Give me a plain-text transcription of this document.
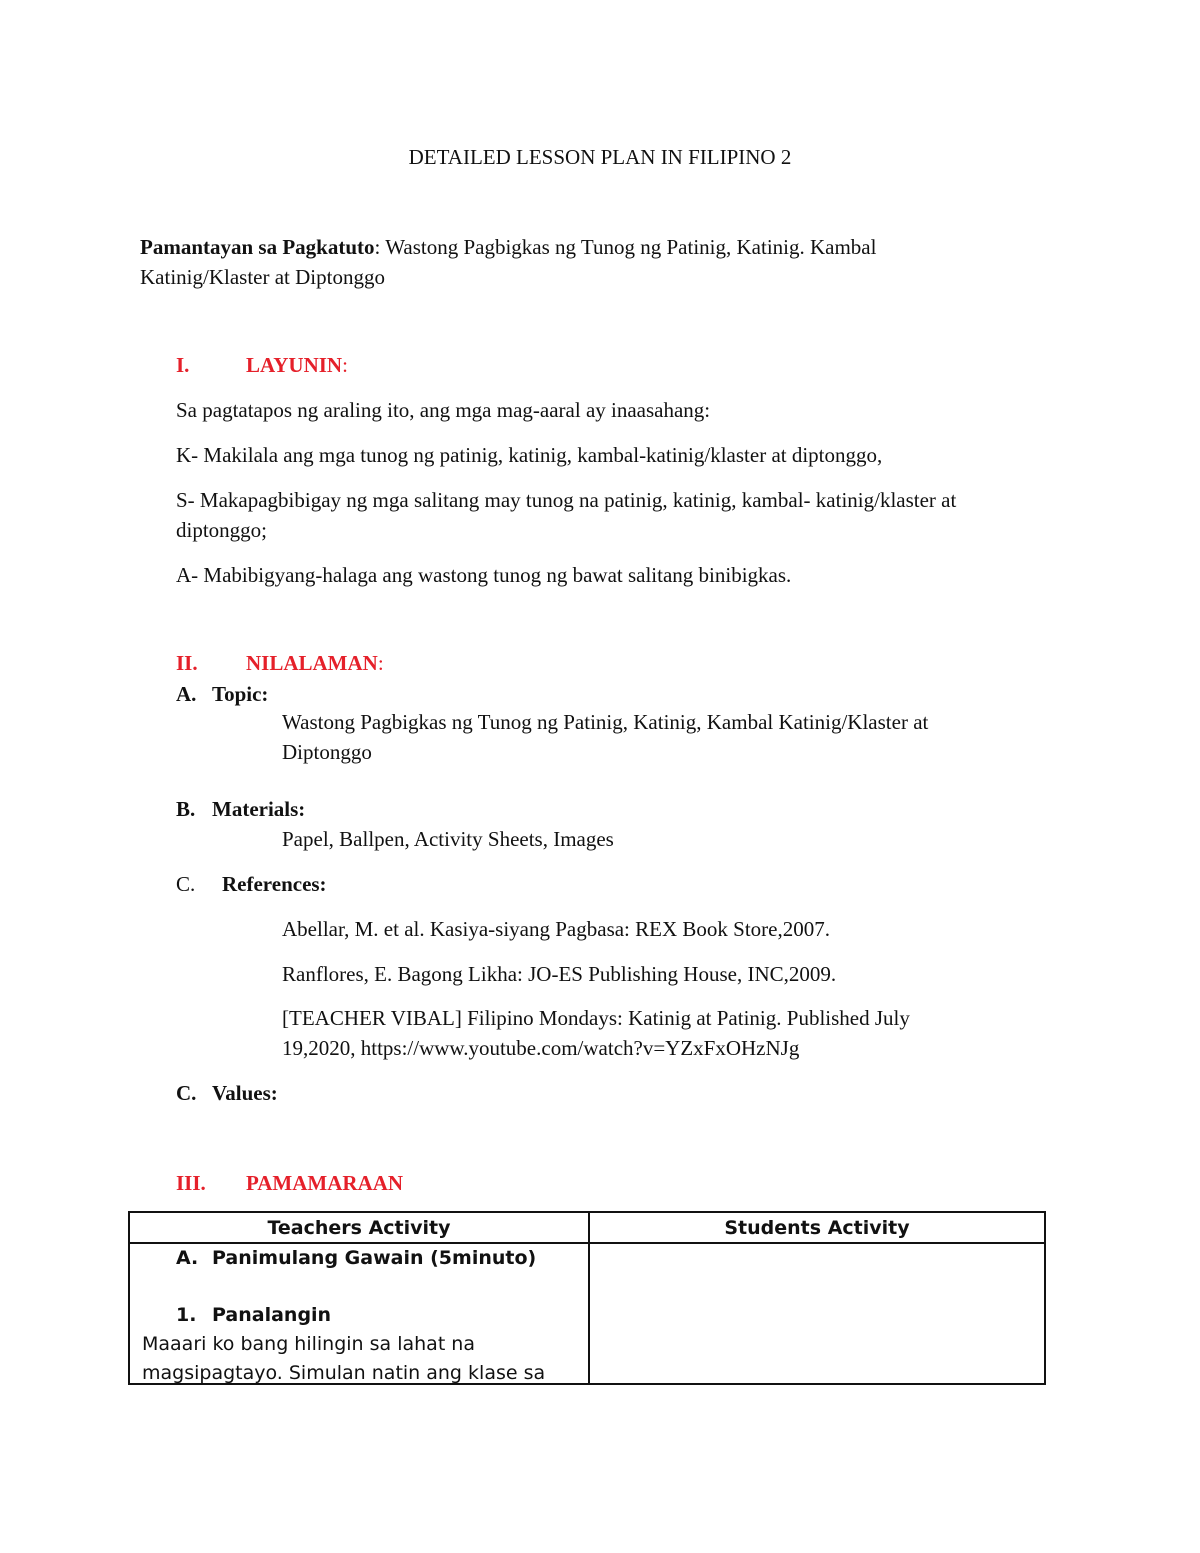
DETAILED LESSON PLAN IN FILIPINO 2
Pamantayan sa Pagkatuto: Wastong Pagbigkas ng Tunog ng Patinig, Katinig. Kambal
Katinig/Klaster at Diptonggo
I.	LAYUNIN:
Sa pagtatapos ng araling ito, ang mga mag-aaral ay inaasahang:
K- Makilala ang mga tunog ng patinig, katinig, kambal-katinig/klaster at diptonggo,
S- Makapagbibigay ng mga salitang may tunog na patinig, katinig, kambal- katinig/klaster at
diptonggo;
A- Mabibigyang-halaga ang wastong tunog ng bawat salitang binibigkas.
II. NILALAMAN:
A. Topic:
Wastong Pagbigkas ng Tunog ng Patinig, Katinig, Kambal Katinig/Klaster at
Diptonggo
B. Materials:
Papel, Ballpen, Activity Sheets, Images
C. References:
Abellar, M. et al. Kasiya-siyang Pagbasa: REX Book Store,2007.
Ranflores, E. Bagong Likha: JO-ES Publishing House, INC,2009.
[TEACHER VIBAL] Filipino Mondays: Katinig at Patinig. Published July
19,2020, https://www.youtube.com/watch?v=YZxFxOHzNJg
C. Values:
III. PAMAMARAAN
Teachers Activity	Students Activity
A. Panimulang Gawain (5minuto)
1. Panalangin
Maaari ko bang hilingin sa lahat na
magsipagtayo. Simulan natin ang klase sa
